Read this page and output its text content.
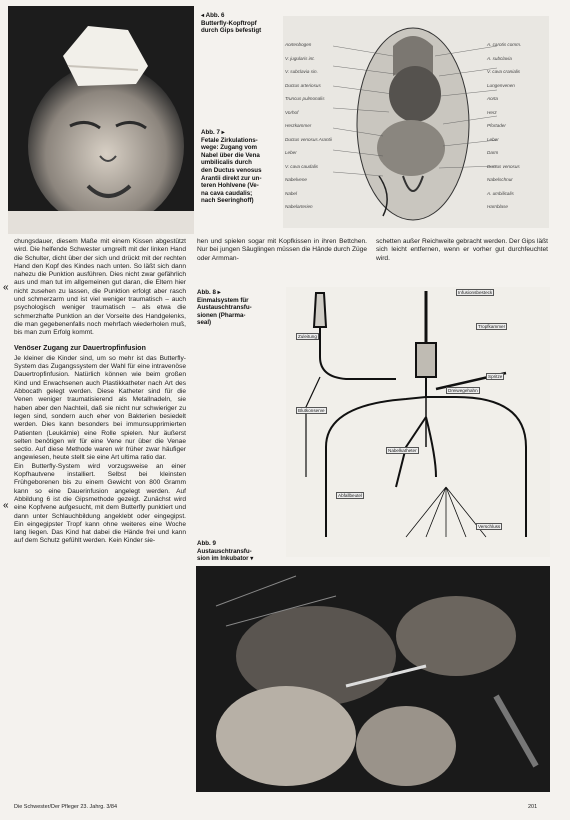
◂ Abb. 6
Butterfly-Kopftropf
durch Gips befestigt
Abb. 7 ▸
Fetale Zirkulations-
wege: Zugang vom
Nabel über die Vena
umbilicalis durch
den Ductus venosus
Arantii direkt zur un-
teren Hohlvene (Ve-
na cava caudalis;
nach Seeringhoff)
Aortenbogen
V. jugularis int.
V. subclavia sin.
Ductus arteriosus
Truncus pulmonalis
Vorhof
Herzkammer
Ductus venosus Arantii
Leber
V. cava caudalis
Nabelvene
Nabel
Nabelarterien
A. carotis comm.
A. subclavia
V. cava cranialis
Lungenvenen
Aorta
Herz
Pfortader
Leber
Darm
Ductus venosus
Nabelschnur
A. umbilicalis
Harnblase

chungsdauer, diesem Maße mit einem Kissen abgestützt wird. Die helfende Schwester umgreift mit der linken Hand die Schulter, dicht über der sich und drückt mit der rechten Hand den Kopf des Kindes nach unten. So läßt sich dann nahezu die Punktion ausführen. Dies nicht zwar gefährlich aus und man tut im allgemeinen gut daran, die Eltern hier nicht zusehen zu lassen, die Punktion erfolgt aber rasch und schmerzarm und ist viel weniger traumatisch – auch psychologisch weniger traumatisch – als etwa die schmerzhafte Punktion an der Vorseite des Handgelenks, die man gegebenenfalls noch mehrfach wiederholen muß, bis man zum Erfolg kommt.

Venöser Zugang zur Dauertropfinfusion

Je kleiner die Kinder sind, um so mehr ist das Butterfly-System das Zugangssystem der Wahl für eine intravenöse Dauertropfinfusion. Natürlich können wie beim großen Kind und Erwachsenen auch Plastikkatheter nach Art des Abbocath gelegt werden. Diese Katheter sind für die Venen weniger traumatisierend als Metallnadeln, sie haben aber den Nachteil, daß sie nicht nur schwieriger zu legen sind, sondern auch eher von Bakterien besiedelt werden. Dies kann besonders bei immunsupprimierten Patienten (Leukämie) eine Rolle spielen. Nur äußerst selten benötigen wir für eine Vene nur über die Venae sectio. Auf diese Methode waren wir früher zwar häufiger angewiesen, heute stellt sie eine Art ultima ratio dar.

Ein Butterfly-System wird vorzugsweise an einer Kopfhautvene installiert. Selbst bei kleinsten Frühgeborenen bis zu einem Gewicht von 800 Gramm kann so eine Dauerinfusion angelegt werden. Auf Abbildung 6 ist die Gipsmethode gezeigt. Zunächst wird eine Kopfvene aufgesucht, mit dem Butterfly punktiert und dann unter Schlauchbildung angeklebt oder eingegipst. Ein eingegipster Tropf kann ohne weiteres eine Woche lang liegen. Das Kind hat dabei die Hände frei und kann auf dem Schutz gefühlt werden. Kein Kinder sie-

«
«

hen und spielen sogar mit Kopfkissen in ihren Bettchen. Nur bei jungen Säuglingen müssen die Hände durch Züge oder Armman-

schetten außer Reichweite gebracht werden. Der Gips läßt sich leicht entfernen, wenn er vorher gut durchfeuchtet wird.

Abb. 8 ▸
Einmalsystem für
Austauschtransfu-
sionen (Pharma-
seal)
Infusionsbesteck
Tropfkammer
Zuleitung
Dreiwegehahn
Spritze
Nabelkatheter
Abfallbeutel
Blutkonserve
Verschluss
Abb. 9
Austauschtransfu-
sion im Inkubator ▾
Die Schwester/Der Pfleger 23. Jahrg. 3/84	201
